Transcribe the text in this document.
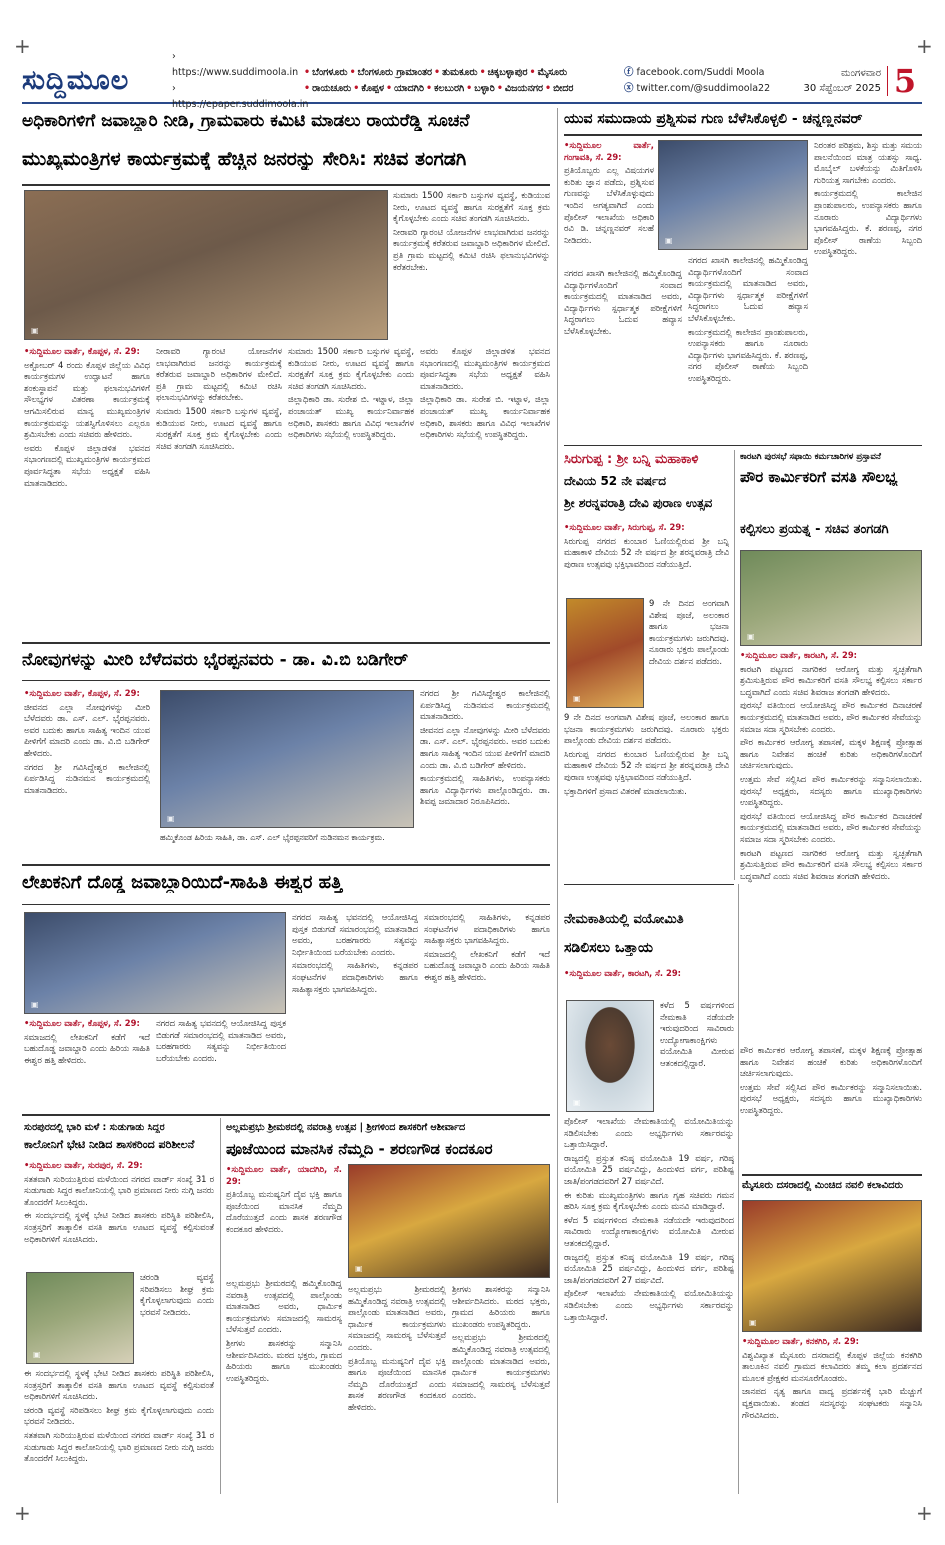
+	+
+	+
ಸುದ್ದಿಮೂಲ
› https://www.suddimoola.in
› https://epaper.suddimoola.in
• ಬೆಂಗಳೂರು • ಬೆಂಗಳೂರು ಗ್ರಾಮಾಂತರ • ತುಮಕೂರು • ಚಿಕ್ಕಬಳ್ಳಾಪುರ • ಮೈಸೂರು
• ರಾಯಚೂರು • ಕೊಪ್ಪಳ • ಯಾದಗಿರಿ • ಕಲಬುರಗಿ • ಬಳ್ಳಾರಿ • ವಿಜಯನಗರ • ಬೀದರ
ⓕ facebook.com/Suddi Moola
ⓧ twitter.com/@suddimoola22
ಮಂಗಳವಾರ
30 ಸೆಪ್ಟೆಂಬರ್ 2025 5
ಅಧಿಕಾರಿಗಳಿಗೆ ಜವಾಬ್ದಾರಿ ನೀಡಿ, ಗ್ರಾಮವಾರು ಕಮಿಟಿ ಮಾಡಲು ರಾಯರೆಡ್ಡಿ ಸೂಚನೆ
ಮುಖ್ಯಮಂತ್ರಿಗಳ ಕಾರ್ಯಕ್ರಮಕ್ಕೆ ಹೆಚ್ಚಿನ ಜನರನ್ನು ಸೇರಿಸಿ: ಸಚಿವ ತಂಗಡಗಿ
▣

ಸುಮಾರು 1500 ಸರ್ಕಾರಿ ಬಸ್ಸುಗಳ ವ್ಯವಸ್ಥೆ, ಕುಡಿಯುವ ನೀರು, ಊಟದ ವ್ಯವಸ್ಥೆ ಹಾಗೂ ಸುರಕ್ಷತೆಗೆ ಸೂಕ್ತ ಕ್ರಮ ಕೈಗೊಳ್ಳಬೇಕು ಎಂದು ಸಚಿವ ತಂಗಡಗಿ ಸೂಚಿಸಿದರು.

ನೀರಾವರಿ ಗ್ಯಾರಂಟಿ ಯೋಜನೆಗಳ ಲಾಭವಾಗಿರುವ ಜನರನ್ನು ಕಾರ್ಯಕ್ರಮಕ್ಕೆ ಕರೆತರುವ ಜವಾಬ್ದಾರಿ ಅಧಿಕಾರಿಗಳ ಮೇಲಿದೆ. ಪ್ರತಿ ಗ್ರಾಮ ಮಟ್ಟದಲ್ಲಿ ಕಮಿಟಿ ರಚಿಸಿ ಫಲಾನುಭವಿಗಳನ್ನು ಕರೆತರಬೇಕು.

•ಸುದ್ದಿಮೂಲ ವಾರ್ತೆ, ಕೊಪ್ಪಳ, ಸೆ. 29:

ಅಕ್ಟೋಬರ್ 4 ರಂದು ಕೊಪ್ಪಳ ಜಿಲ್ಲೆಯ ವಿವಿಧ ಕಾರ್ಯಕ್ರಮಗಳ ಉದ್ಘಾಟನೆ ಹಾಗೂ ಶಂಕುಸ್ಥಾಪನೆ ಮತ್ತು ಫಲಾನುಭವಿಗಳಿಗೆ ಸೌಲಭ್ಯಗಳ ವಿತರಣಾ ಕಾರ್ಯಕ್ರಮಕ್ಕೆ ಆಗಮಿಸಲಿರುವ ಮಾನ್ಯ ಮುಖ್ಯಮಂತ್ರಿಗಳ ಕಾರ್ಯಕ್ರಮವನ್ನು ಯಶಸ್ವಿಗೊಳಿಸಲು ಎಲ್ಲರೂ ಶ್ರಮಿಸಬೇಕು ಎಂದು ಸಚಿವರು ಹೇಳಿದರು.

ಅವರು ಕೊಪ್ಪಳ ಜಿಲ್ಲಾಡಳಿತ ಭವನದ ಸಭಾಂಗಣದಲ್ಲಿ ಮುಖ್ಯಮಂತ್ರಿಗಳ ಕಾರ್ಯಕ್ರಮದ ಪೂರ್ವಸಿದ್ಧತಾ ಸಭೆಯ ಅಧ್ಯಕ್ಷತೆ ವಹಿಸಿ ಮಾತನಾಡಿದರು.

ನೀರಾವರಿ ಗ್ಯಾರಂಟಿ ಯೋಜನೆಗಳ ಲಾಭವಾಗಿರುವ ಜನರನ್ನು ಕಾರ್ಯಕ್ರಮಕ್ಕೆ ಕರೆತರುವ ಜವಾಬ್ದಾರಿ ಅಧಿಕಾರಿಗಳ ಮೇಲಿದೆ. ಪ್ರತಿ ಗ್ರಾಮ ಮಟ್ಟದಲ್ಲಿ ಕಮಿಟಿ ರಚಿಸಿ ಫಲಾನುಭವಿಗಳನ್ನು ಕರೆತರಬೇಕು.

ಸುಮಾರು 1500 ಸರ್ಕಾರಿ ಬಸ್ಸುಗಳ ವ್ಯವಸ್ಥೆ, ಕುಡಿಯುವ ನೀರು, ಊಟದ ವ್ಯವಸ್ಥೆ ಹಾಗೂ ಸುರಕ್ಷತೆಗೆ ಸೂಕ್ತ ಕ್ರಮ ಕೈಗೊಳ್ಳಬೇಕು ಎಂದು ಸಚಿವ ತಂಗಡಗಿ ಸೂಚಿಸಿದರು.

ಸುಮಾರು 1500 ಸರ್ಕಾರಿ ಬಸ್ಸುಗಳ ವ್ಯವಸ್ಥೆ, ಕುಡಿಯುವ ನೀರು, ಊಟದ ವ್ಯವಸ್ಥೆ ಹಾಗೂ ಸುರಕ್ಷತೆಗೆ ಸೂಕ್ತ ಕ್ರಮ ಕೈಗೊಳ್ಳಬೇಕು ಎಂದು ಸಚಿವ ತಂಗಡಗಿ ಸೂಚಿಸಿದರು.

ಜಿಲ್ಲಾಧಿಕಾರಿ ಡಾ. ಸುರೇಶ ಬಿ. ಇಟ್ನಾಳ, ಜಿಲ್ಲಾ ಪಂಚಾಯತ್ ಮುಖ್ಯ ಕಾರ್ಯನಿರ್ವಾಹಕ ಅಧಿಕಾರಿ, ಶಾಸಕರು ಹಾಗೂ ವಿವಿಧ ಇಲಾಖೆಗಳ ಅಧಿಕಾರಿಗಳು ಸಭೆಯಲ್ಲಿ ಉಪಸ್ಥಿತರಿದ್ದರು.

ಅವರು ಕೊಪ್ಪಳ ಜಿಲ್ಲಾಡಳಿತ ಭವನದ ಸಭಾಂಗಣದಲ್ಲಿ ಮುಖ್ಯಮಂತ್ರಿಗಳ ಕಾರ್ಯಕ್ರಮದ ಪೂರ್ವಸಿದ್ಧತಾ ಸಭೆಯ ಅಧ್ಯಕ್ಷತೆ ವಹಿಸಿ ಮಾತನಾಡಿದರು.

ಜಿಲ್ಲಾಧಿಕಾರಿ ಡಾ. ಸುರೇಶ ಬಿ. ಇಟ್ನಾಳ, ಜಿಲ್ಲಾ ಪಂಚಾಯತ್ ಮುಖ್ಯ ಕಾರ್ಯನಿರ್ವಾಹಕ ಅಧಿಕಾರಿ, ಶಾಸಕರು ಹಾಗೂ ವಿವಿಧ ಇಲಾಖೆಗಳ ಅಧಿಕಾರಿಗಳು ಸಭೆಯಲ್ಲಿ ಉಪಸ್ಥಿತರಿದ್ದರು.

ಯುವ ಸಮುದಾಯ ಪ್ರಶ್ನಿಸುವ ಗುಣ ಬೆಳೆಸಿಕೊಳ್ಳಲಿ - ಚನ್ನಣ್ಣನವರ್

•ಸುದ್ದಿಮೂಲ ವಾರ್ತೆ, ಗಂಗಾವತಿ, ಸೆ. 29:

ಪ್ರತಿಯೊಬ್ಬರು ಎಲ್ಲ ವಿಷಯಗಳ ಕುರಿತು ಜ್ಞಾನ ಪಡೆದು, ಪ್ರಶ್ನಿಸುವ ಗುಣವನ್ನು ಬೆಳೆಸಿಕೊಳ್ಳುವುದು ಇಂದಿನ ಅಗತ್ಯವಾಗಿದೆ ಎಂದು ಪೊಲೀಸ್ ಇಲಾಖೆಯ ಅಧಿಕಾರಿ ರವಿ ಡಿ. ಚನ್ನಣ್ಣನವರ್ ಸಲಹೆ ನೀಡಿದರು.	▣

ನಿರಂತರ ಪರಿಶ್ರಮ, ಶಿಸ್ತು ಮತ್ತು ಸಮಯ ಪಾಲನೆಯಿಂದ ಮಾತ್ರ ಯಶಸ್ಸು ಸಾಧ್ಯ. ಮೊಬೈಲ್ ಬಳಕೆಯನ್ನು ಮಿತಿಗೊಳಿಸಿ ಗುರಿಯತ್ತ ಸಾಗಬೇಕು ಎಂದರು.

ಕಾರ್ಯಕ್ರಮದಲ್ಲಿ ಕಾಲೇಜಿನ ಪ್ರಾಂಶುಪಾಲರು, ಉಪನ್ಯಾಸಕರು ಹಾಗೂ ನೂರಾರು ವಿದ್ಯಾರ್ಥಿಗಳು ಭಾಗವಹಿಸಿದ್ದರು. ಕೆ. ಶರಣಪ್ಪ, ನಗರ ಪೊಲೀಸ್ ಠಾಣೆಯ ಸಿಬ್ಬಂದಿ ಉಪಸ್ಥಿತರಿದ್ದರು.

ನಗರದ ಖಾಸಗಿ ಕಾಲೇಜಿನಲ್ಲಿ ಹಮ್ಮಿಕೊಂಡಿದ್ದ ವಿದ್ಯಾರ್ಥಿಗಳೊಂದಿಗೆ ಸಂವಾದ ಕಾರ್ಯಕ್ರಮದಲ್ಲಿ ಮಾತನಾಡಿದ ಅವರು, ವಿದ್ಯಾರ್ಥಿಗಳು ಸ್ಪರ್ಧಾತ್ಮಕ ಪರೀಕ್ಷೆಗಳಿಗೆ ಸಿದ್ಧರಾಗಲು ಓದುವ ಹವ್ಯಾಸ ಬೆಳೆಸಿಕೊಳ್ಳಬೇಕು.

ನಗರದ ಖಾಸಗಿ ಕಾಲೇಜಿನಲ್ಲಿ ಹಮ್ಮಿಕೊಂಡಿದ್ದ ವಿದ್ಯಾರ್ಥಿಗಳೊಂದಿಗೆ ಸಂವಾದ ಕಾರ್ಯಕ್ರಮದಲ್ಲಿ ಮಾತನಾಡಿದ ಅವರು, ವಿದ್ಯಾರ್ಥಿಗಳು ಸ್ಪರ್ಧಾತ್ಮಕ ಪರೀಕ್ಷೆಗಳಿಗೆ ಸಿದ್ಧರಾಗಲು ಓದುವ ಹವ್ಯಾಸ ಬೆಳೆಸಿಕೊಳ್ಳಬೇಕು.

ಕಾರ್ಯಕ್ರಮದಲ್ಲಿ ಕಾಲೇಜಿನ ಪ್ರಾಂಶುಪಾಲರು, ಉಪನ್ಯಾಸಕರು ಹಾಗೂ ನೂರಾರು ವಿದ್ಯಾರ್ಥಿಗಳು ಭಾಗವಹಿಸಿದ್ದರು. ಕೆ. ಶರಣಪ್ಪ, ನಗರ ಪೊಲೀಸ್ ಠಾಣೆಯ ಸಿಬ್ಬಂದಿ ಉಪಸ್ಥಿತರಿದ್ದರು.

ಸಿರುಗುಪ್ಪ : ಶ್ರೀ ಬನ್ನಿ ಮಹಾಕಾಳಿ
ದೇವಿಯ 52 ನೇ ವರ್ಷದ
ಶ್ರೀ ಶರನ್ನವರಾತ್ರಿ ದೇವಿ ಪುರಾಣ ಉತ್ಸವ

•ಸುದ್ದಿಮೂಲ ವಾರ್ತೆ, ಸಿರುಗುಪ್ಪ, ಸೆ. 29:

ಸಿರುಗುಪ್ಪ ನಗರದ ಕುಂಬಾರ ಓಣಿಯಲ್ಲಿರುವ ಶ್ರೀ ಬನ್ನಿ ಮಹಾಕಾಳಿ ದೇವಿಯ 52 ನೇ ವರ್ಷದ ಶ್ರೀ ಶರನ್ನವರಾತ್ರಿ ದೇವಿ ಪುರಾಣ ಉತ್ಸವವು ಭಕ್ತಿಭಾವದಿಂದ ನಡೆಯುತ್ತಿದೆ.

▣

9 ನೇ ದಿನದ ಅಂಗವಾಗಿ ವಿಶೇಷ ಪೂಜೆ, ಅಲಂಕಾರ ಹಾಗೂ ಭಜನಾ ಕಾರ್ಯಕ್ರಮಗಳು ಜರುಗಿದವು. ನೂರಾರು ಭಕ್ತರು ಪಾಲ್ಗೊಂಡು ದೇವಿಯ ದರ್ಶನ ಪಡೆದರು.

9 ನೇ ದಿನದ ಅಂಗವಾಗಿ ವಿಶೇಷ ಪೂಜೆ, ಅಲಂಕಾರ ಹಾಗೂ ಭಜನಾ ಕಾರ್ಯಕ್ರಮಗಳು ಜರುಗಿದವು. ನೂರಾರು ಭಕ್ತರು ಪಾಲ್ಗೊಂಡು ದೇವಿಯ ದರ್ಶನ ಪಡೆದರು.

ಸಿರುಗುಪ್ಪ ನಗರದ ಕುಂಬಾರ ಓಣಿಯಲ್ಲಿರುವ ಶ್ರೀ ಬನ್ನಿ ಮಹಾಕಾಳಿ ದೇವಿಯ 52 ನೇ ವರ್ಷದ ಶ್ರೀ ಶರನ್ನವರಾತ್ರಿ ದೇವಿ ಪುರಾಣ ಉತ್ಸವವು ಭಕ್ತಿಭಾವದಿಂದ ನಡೆಯುತ್ತಿದೆ.

ಭಕ್ತಾದಿಗಳಿಗೆ ಪ್ರಸಾದ ವಿತರಣೆ ಮಾಡಲಾಯಿತು.

ಕಾರಟಗಿ ಪುರಸಭೆ ಸಫಾಯಿ ಕರ್ಮಚಾರಿಗಳ ಪ್ರಸ್ತಾವನೆ
ಪೌರ ಕಾರ್ಮಿಕರಿಗೆ ವಸತಿ ಸೌಲಭ್ಯ
ಕಲ್ಪಿಸಲು ಪ್ರಯತ್ನ - ಸಚಿವ ತಂಗಡಗಿ
▣

•ಸುದ್ದಿಮೂಲ ವಾರ್ತೆ, ಕಾರಟಗಿ, ಸೆ. 29:

ಕಾರಟಗಿ ಪಟ್ಟಣದ ನಾಗರಿಕರ ಆರೋಗ್ಯ ಮತ್ತು ಸ್ವಚ್ಛತೆಗಾಗಿ ಶ್ರಮಿಸುತ್ತಿರುವ ಪೌರ ಕಾರ್ಮಿಕರಿಗೆ ವಸತಿ ಸೌಲಭ್ಯ ಕಲ್ಪಿಸಲು ಸರ್ಕಾರ ಬದ್ಧವಾಗಿದೆ ಎಂದು ಸಚಿವ ಶಿವರಾಜ ತಂಗಡಗಿ ಹೇಳಿದರು.

ಪುರಸಭೆ ವತಿಯಿಂದ ಆಯೋಜಿಸಿದ್ದ ಪೌರ ಕಾರ್ಮಿಕರ ದಿನಾಚರಣೆ ಕಾರ್ಯಕ್ರಮದಲ್ಲಿ ಮಾತನಾಡಿದ ಅವರು, ಪೌರ ಕಾರ್ಮಿಕರ ಸೇವೆಯನ್ನು ಸಮಾಜ ಸದಾ ಸ್ಮರಿಸಬೇಕು ಎಂದರು.

ಪೌರ ಕಾರ್ಮಿಕರ ಆರೋಗ್ಯ ತಪಾಸಣೆ, ಮಕ್ಕಳ ಶಿಕ್ಷಣಕ್ಕೆ ಪ್ರೋತ್ಸಾಹ ಹಾಗೂ ನಿವೇಶನ ಹಂಚಿಕೆ ಕುರಿತು ಅಧಿಕಾರಿಗಳೊಂದಿಗೆ ಚರ್ಚಿಸಲಾಗುವುದು.

ಉತ್ತಮ ಸೇವೆ ಸಲ್ಲಿಸಿದ ಪೌರ ಕಾರ್ಮಿಕರನ್ನು ಸನ್ಮಾನಿಸಲಾಯಿತು. ಪುರಸಭೆ ಅಧ್ಯಕ್ಷರು, ಸದಸ್ಯರು ಹಾಗೂ ಮುಖ್ಯಾಧಿಕಾರಿಗಳು ಉಪಸ್ಥಿತರಿದ್ದರು.

ಪುರಸಭೆ ವತಿಯಿಂದ ಆಯೋಜಿಸಿದ್ದ ಪೌರ ಕಾರ್ಮಿಕರ ದಿನಾಚರಣೆ ಕಾರ್ಯಕ್ರಮದಲ್ಲಿ ಮಾತನಾಡಿದ ಅವರು, ಪೌರ ಕಾರ್ಮಿಕರ ಸೇವೆಯನ್ನು ಸಮಾಜ ಸದಾ ಸ್ಮರಿಸಬೇಕು ಎಂದರು.

ಕಾರಟಗಿ ಪಟ್ಟಣದ ನಾಗರಿಕರ ಆರೋಗ್ಯ ಮತ್ತು ಸ್ವಚ್ಛತೆಗಾಗಿ ಶ್ರಮಿಸುತ್ತಿರುವ ಪೌರ ಕಾರ್ಮಿಕರಿಗೆ ವಸತಿ ಸೌಲಭ್ಯ ಕಲ್ಪಿಸಲು ಸರ್ಕಾರ ಬದ್ಧವಾಗಿದೆ ಎಂದು ಸಚಿವ ಶಿವರಾಜ ತಂಗಡಗಿ ಹೇಳಿದರು.

ಪೌರ ಕಾರ್ಮಿಕರ ಆರೋಗ್ಯ ತಪಾಸಣೆ, ಮಕ್ಕಳ ಶಿಕ್ಷಣಕ್ಕೆ ಪ್ರೋತ್ಸಾಹ ಹಾಗೂ ನಿವೇಶನ ಹಂಚಿಕೆ ಕುರಿತು ಅಧಿಕಾರಿಗಳೊಂದಿಗೆ ಚರ್ಚಿಸಲಾಗುವುದು.

ಉತ್ತಮ ಸೇವೆ ಸಲ್ಲಿಸಿದ ಪೌರ ಕಾರ್ಮಿಕರನ್ನು ಸನ್ಮಾನಿಸಲಾಯಿತು. ಪುರಸಭೆ ಅಧ್ಯಕ್ಷರು, ಸದಸ್ಯರು ಹಾಗೂ ಮುಖ್ಯಾಧಿಕಾರಿಗಳು ಉಪಸ್ಥಿತರಿದ್ದರು.

ನೋವುಗಳನ್ನು ಮೀರಿ ಬೆಳೆದವರು ಭೈರಪ್ಪನವರು - ಡಾ. ವಿ.ಬಿ ಬಡಿಗೇರ್

•ಸುದ್ದಿಮೂಲ ವಾರ್ತೆ, ಕೊಪ್ಪಳ, ಸೆ. 29:

ಜೀವನದ ಎಲ್ಲಾ ನೋವುಗಳನ್ನು ಮೀರಿ ಬೆಳೆದವರು ಡಾ. ಎಸ್. ಎಲ್. ಭೈರಪ್ಪನವರು. ಅವರ ಬದುಕು ಹಾಗೂ ಸಾಹಿತ್ಯ ಇಂದಿನ ಯುವ ಪೀಳಿಗೆಗೆ ಮಾದರಿ ಎಂದು ಡಾ. ವಿ.ಬಿ ಬಡಿಗೇರ್ ಹೇಳಿದರು.

ನಗರದ ಶ್ರೀ ಗವಿಸಿದ್ದೇಶ್ವರ ಕಾಲೇಜಿನಲ್ಲಿ ಏರ್ಪಡಿಸಿದ್ದ ನುಡಿನಮನ ಕಾರ್ಯಕ್ರಮದಲ್ಲಿ ಮಾತನಾಡಿದರು.

▣
ಹಮ್ಮಿಕೊಂಡ ಹಿರಿಯ ಸಾಹಿತಿ, ಡಾ. ಎಸ್. ಎಲ್ ಭೈರಪ್ಪನವರಿಗೆ ನುಡಿನಮನ ಕಾರ್ಯಕ್ರಮ.

ನಗರದ ಶ್ರೀ ಗವಿಸಿದ್ದೇಶ್ವರ ಕಾಲೇಜಿನಲ್ಲಿ ಏರ್ಪಡಿಸಿದ್ದ ನುಡಿನಮನ ಕಾರ್ಯಕ್ರಮದಲ್ಲಿ ಮಾತನಾಡಿದರು.

ಜೀವನದ ಎಲ್ಲಾ ನೋವುಗಳನ್ನು ಮೀರಿ ಬೆಳೆದವರು ಡಾ. ಎಸ್. ಎಲ್. ಭೈರಪ್ಪನವರು. ಅವರ ಬದುಕು ಹಾಗೂ ಸಾಹಿತ್ಯ ಇಂದಿನ ಯುವ ಪೀಳಿಗೆಗೆ ಮಾದರಿ ಎಂದು ಡಾ. ವಿ.ಬಿ ಬಡಿಗೇರ್ ಹೇಳಿದರು.

ಕಾರ್ಯಕ್ರಮದಲ್ಲಿ ಸಾಹಿತಿಗಳು, ಉಪನ್ಯಾಸಕರು ಹಾಗೂ ವಿದ್ಯಾರ್ಥಿಗಳು ಪಾಲ್ಗೊಂಡಿದ್ದರು. ಡಾ. ಶಿವಪ್ಪ ಜಮಾದಾರ ನಿರೂಪಿಸಿದರು.

ಲೇಖಕನಿಗೆ ದೊಡ್ಡ ಜವಾಬ್ದಾರಿಯಿದೆ-ಸಾಹಿತಿ ಈಶ್ವರ ಹತ್ತಿ
▣

•ಸುದ್ದಿಮೂಲ ವಾರ್ತೆ, ಕೊಪ್ಪಳ, ಸೆ. 29:

ಸಮಾಜದಲ್ಲಿ ಲೇಖಕನಿಗೆ ಕಡೆಗೆ ಇದೆ ಬಹುದೊಡ್ಡ ಜವಾಬ್ದಾರಿ ಎಂದು ಹಿರಿಯ ಸಾಹಿತಿ ಈಶ್ವರ ಹತ್ತಿ ಹೇಳಿದರು.

ನಗರದ ಸಾಹಿತ್ಯ ಭವನದಲ್ಲಿ ಆಯೋಜಿಸಿದ್ದ ಪುಸ್ತಕ ಬಿಡುಗಡೆ ಸಮಾರಂಭದಲ್ಲಿ ಮಾತನಾಡಿದ ಅವರು, ಬರಹಗಾರರು ಸತ್ಯವನ್ನು ನಿರ್ಭೀತಿಯಿಂದ ಬರೆಯಬೇಕು ಎಂದರು.

ನಗರದ ಸಾಹಿತ್ಯ ಭವನದಲ್ಲಿ ಆಯೋಜಿಸಿದ್ದ ಪುಸ್ತಕ ಬಿಡುಗಡೆ ಸಮಾರಂಭದಲ್ಲಿ ಮಾತನಾಡಿದ ಅವರು, ಬರಹಗಾರರು ಸತ್ಯವನ್ನು ನಿರ್ಭೀತಿಯಿಂದ ಬರೆಯಬೇಕು ಎಂದರು.

ಸಮಾರಂಭದಲ್ಲಿ ಸಾಹಿತಿಗಳು, ಕನ್ನಡಪರ ಸಂಘಟನೆಗಳ ಪದಾಧಿಕಾರಿಗಳು ಹಾಗೂ ಸಾಹಿತ್ಯಾಸಕ್ತರು ಭಾಗವಹಿಸಿದ್ದರು.

ಸಮಾರಂಭದಲ್ಲಿ ಸಾಹಿತಿಗಳು, ಕನ್ನಡಪರ ಸಂಘಟನೆಗಳ ಪದಾಧಿಕಾರಿಗಳು ಹಾಗೂ ಸಾಹಿತ್ಯಾಸಕ್ತರು ಭಾಗವಹಿಸಿದ್ದರು.

ಸಮಾಜದಲ್ಲಿ ಲೇಖಕನಿಗೆ ಕಡೆಗೆ ಇದೆ ಬಹುದೊಡ್ಡ ಜವಾಬ್ದಾರಿ ಎಂದು ಹಿರಿಯ ಸಾಹಿತಿ ಈಶ್ವರ ಹತ್ತಿ ಹೇಳಿದರು.

ನೇಮಕಾತಿಯಲ್ಲಿ ವಯೋಮಿತಿ
ಸಡಿಲಿಸಲು ಒತ್ತಾಯ

•ಸುದ್ದಿಮೂಲ ವಾರ್ತೆ, ಕಾರಟಗಿ, ಸೆ. 29:

▣

ಕಳೆದ 5 ವರ್ಷಗಳಿಂದ ನೇಮಕಾತಿ ನಡೆಯದೇ ಇರುವುದರಿಂದ ಸಾವಿರಾರು ಉದ್ಯೋಗಾಕಾಂಕ್ಷಿಗಳು ವಯೋಮಿತಿ ಮೀರುವ ಆತಂಕದಲ್ಲಿದ್ದಾರೆ.

ಪೊಲೀಸ್ ಇಲಾಖೆಯ ನೇಮಕಾತಿಯಲ್ಲಿ ವಯೋಮಿತಿಯನ್ನು ಸಡಿಲಿಸಬೇಕು ಎಂದು ಅಭ್ಯರ್ಥಿಗಳು ಸರ್ಕಾರವನ್ನು ಒತ್ತಾಯಿಸಿದ್ದಾರೆ.

ರಾಜ್ಯದಲ್ಲಿ ಪ್ರಸ್ತುತ ಕನಿಷ್ಠ ವಯೋಮಿತಿ 19 ವರ್ಷ, ಗರಿಷ್ಠ ವಯೋಮಿತಿ 25 ವರ್ಷವಿದ್ದು, ಹಿಂದುಳಿದ ವರ್ಗ, ಪರಿಶಿಷ್ಟ ಜಾತಿ/ಪಂಗಡದವರಿಗೆ 27 ವರ್ಷವಿದೆ.

ಈ ಕುರಿತು ಮುಖ್ಯಮಂತ್ರಿಗಳು ಹಾಗೂ ಗೃಹ ಸಚಿವರು ಗಮನ ಹರಿಸಿ ಸೂಕ್ತ ಕ್ರಮ ಕೈಗೊಳ್ಳಬೇಕು ಎಂದು ಮನವಿ ಮಾಡಿದ್ದಾರೆ.

ಕಳೆದ 5 ವರ್ಷಗಳಿಂದ ನೇಮಕಾತಿ ನಡೆಯದೇ ಇರುವುದರಿಂದ ಸಾವಿರಾರು ಉದ್ಯೋಗಾಕಾಂಕ್ಷಿಗಳು ವಯೋಮಿತಿ ಮೀರುವ ಆತಂಕದಲ್ಲಿದ್ದಾರೆ.

ರಾಜ್ಯದಲ್ಲಿ ಪ್ರಸ್ತುತ ಕನಿಷ್ಠ ವಯೋಮಿತಿ 19 ವರ್ಷ, ಗರಿಷ್ಠ ವಯೋಮಿತಿ 25 ವರ್ಷವಿದ್ದು, ಹಿಂದುಳಿದ ವರ್ಗ, ಪರಿಶಿಷ್ಟ ಜಾತಿ/ಪಂಗಡದವರಿಗೆ 27 ವರ್ಷವಿದೆ.

ಪೊಲೀಸ್ ಇಲಾಖೆಯ ನೇಮಕಾತಿಯಲ್ಲಿ ವಯೋಮಿತಿಯನ್ನು ಸಡಿಲಿಸಬೇಕು ಎಂದು ಅಭ್ಯರ್ಥಿಗಳು ಸರ್ಕಾರವನ್ನು ಒತ್ತಾಯಿಸಿದ್ದಾರೆ.

ಸುರಪುರದಲ್ಲಿ ಭಾರಿ ಮಳೆ : ಸುಡುಗಾಡು ಸಿದ್ದರ
ಕಾಲೋನಿಗೆ ಭೇಟಿ ನೀಡಿದ ಶಾಸಕರಿಂದ ಪರಿಶೀಲನೆ

•ಸುದ್ದಿಮೂಲ ವಾರ್ತೆ, ಸುರಪುರ, ಸೆ. 29:

ಸತತವಾಗಿ ಸುರಿಯುತ್ತಿರುವ ಮಳೆಯಿಂದ ನಗರದ ವಾರ್ಡ್ ಸಂಖ್ಯೆ 31 ರ ಸುಡುಗಾಡು ಸಿದ್ದರ ಕಾಲೋನಿಯಲ್ಲಿ ಭಾರಿ ಪ್ರಮಾಣದ ನೀರು ನುಗ್ಗಿ ಜನರು ತೊಂದರೆಗೆ ಸಿಲುಕಿದ್ದರು.

ಈ ಸಂದರ್ಭದಲ್ಲಿ ಸ್ಥಳಕ್ಕೆ ಭೇಟಿ ನೀಡಿದ ಶಾಸಕರು ಪರಿಸ್ಥಿತಿ ಪರಿಶೀಲಿಸಿ, ಸಂತ್ರಸ್ತರಿಗೆ ತಾತ್ಕಾಲಿಕ ವಸತಿ ಹಾಗೂ ಊಟದ ವ್ಯವಸ್ಥೆ ಕಲ್ಪಿಸುವಂತೆ ಅಧಿಕಾರಿಗಳಿಗೆ ಸೂಚಿಸಿದರು.

▣

ಚರಂಡಿ ವ್ಯವಸ್ಥೆ ಸರಿಪಡಿಸಲು ಶೀಘ್ರ ಕ್ರಮ ಕೈಗೊಳ್ಳಲಾಗುವುದು ಎಂದು ಭರವಸೆ ನೀಡಿದರು.

ಈ ಸಂದರ್ಭದಲ್ಲಿ ಸ್ಥಳಕ್ಕೆ ಭೇಟಿ ನೀಡಿದ ಶಾಸಕರು ಪರಿಸ್ಥಿತಿ ಪರಿಶೀಲಿಸಿ, ಸಂತ್ರಸ್ತರಿಗೆ ತಾತ್ಕಾಲಿಕ ವಸತಿ ಹಾಗೂ ಊಟದ ವ್ಯವಸ್ಥೆ ಕಲ್ಪಿಸುವಂತೆ ಅಧಿಕಾರಿಗಳಿಗೆ ಸೂಚಿಸಿದರು.

ಚರಂಡಿ ವ್ಯವಸ್ಥೆ ಸರಿಪಡಿಸಲು ಶೀಘ್ರ ಕ್ರಮ ಕೈಗೊಳ್ಳಲಾಗುವುದು ಎಂದು ಭರವಸೆ ನೀಡಿದರು.

ಸತತವಾಗಿ ಸುರಿಯುತ್ತಿರುವ ಮಳೆಯಿಂದ ನಗರದ ವಾರ್ಡ್ ಸಂಖ್ಯೆ 31 ರ ಸುಡುಗಾಡು ಸಿದ್ದರ ಕಾಲೋನಿಯಲ್ಲಿ ಭಾರಿ ಪ್ರಮಾಣದ ನೀರು ನುಗ್ಗಿ ಜನರು ತೊಂದರೆಗೆ ಸಿಲುಕಿದ್ದರು.

ಅಲ್ಲಮಪ್ರಭು ಶ್ರೀಮಠದಲ್ಲಿ ನವರಾತ್ರಿ ಉತ್ಸವ | ಶ್ರೀಗಳಿಂದ ಶಾಸಕರಿಗೆ ಆಶೀರ್ವಾದ
ಪೂಜೆಯಿಂದ ಮಾನಸಿಕ ನೆಮ್ಮದಿ - ಶರಣಗೌಡ ಕಂದಕೂರ

•ಸುದ್ದಿಮೂಲ ವಾರ್ತೆ, ಯಾದಗಿರಿ, ಸೆ. 29:

ಪ್ರತಿಯೊಬ್ಬ ಮನುಷ್ಯನಿಗೆ ದೈವ ಭಕ್ತಿ ಹಾಗೂ ಪೂಜೆಯಿಂದ ಮಾನಸಿಕ ನೆಮ್ಮದಿ ದೊರೆಯುತ್ತದೆ ಎಂದು ಶಾಸಕ ಶರಣಗೌಡ ಕಂದಕೂರ ಹೇಳಿದರು.

▣

ಅಲ್ಲಮಪ್ರಭು ಶ್ರೀಮಠದಲ್ಲಿ ಹಮ್ಮಿಕೊಂಡಿದ್ದ ನವರಾತ್ರಿ ಉತ್ಸವದಲ್ಲಿ ಪಾಲ್ಗೊಂಡು ಮಾತನಾಡಿದ ಅವರು, ಧಾರ್ಮಿಕ ಕಾರ್ಯಕ್ರಮಗಳು ಸಮಾಜದಲ್ಲಿ ಸಾಮರಸ್ಯ ಬೆಳೆಸುತ್ತವೆ ಎಂದರು.

ಶ್ರೀಗಳು ಶಾಸಕರನ್ನು ಸನ್ಮಾನಿಸಿ ಆಶೀರ್ವದಿಸಿದರು. ಮಠದ ಭಕ್ತರು, ಗ್ರಾಮದ ಹಿರಿಯರು ಹಾಗೂ ಮುಖಂಡರು ಉಪಸ್ಥಿತರಿದ್ದರು.

ಅಲ್ಲಮಪ್ರಭು ಶ್ರೀಮಠದಲ್ಲಿ ಹಮ್ಮಿಕೊಂಡಿದ್ದ ನವರಾತ್ರಿ ಉತ್ಸವದಲ್ಲಿ ಪಾಲ್ಗೊಂಡು ಮಾತನಾಡಿದ ಅವರು, ಧಾರ್ಮಿಕ ಕಾರ್ಯಕ್ರಮಗಳು ಸಮಾಜದಲ್ಲಿ ಸಾಮರಸ್ಯ ಬೆಳೆಸುತ್ತವೆ ಎಂದರು.

ಪ್ರತಿಯೊಬ್ಬ ಮನುಷ್ಯನಿಗೆ ದೈವ ಭಕ್ತಿ ಹಾಗೂ ಪೂಜೆಯಿಂದ ಮಾನಸಿಕ ನೆಮ್ಮದಿ ದೊರೆಯುತ್ತದೆ ಎಂದು ಶಾಸಕ ಶರಣಗೌಡ ಕಂದಕೂರ ಹೇಳಿದರು.

ಶ್ರೀಗಳು ಶಾಸಕರನ್ನು ಸನ್ಮಾನಿಸಿ ಆಶೀರ್ವದಿಸಿದರು. ಮಠದ ಭಕ್ತರು, ಗ್ರಾಮದ ಹಿರಿಯರು ಹಾಗೂ ಮುಖಂಡರು ಉಪಸ್ಥಿತರಿದ್ದರು.

ಅಲ್ಲಮಪ್ರಭು ಶ್ರೀಮಠದಲ್ಲಿ ಹಮ್ಮಿಕೊಂಡಿದ್ದ ನವರಾತ್ರಿ ಉತ್ಸವದಲ್ಲಿ ಪಾಲ್ಗೊಂಡು ಮಾತನಾಡಿದ ಅವರು, ಧಾರ್ಮಿಕ ಕಾರ್ಯಕ್ರಮಗಳು ಸಮಾಜದಲ್ಲಿ ಸಾಮರಸ್ಯ ಬೆಳೆಸುತ್ತವೆ ಎಂದರು.

ಮೈಸೂರು ದಸರಾದಲ್ಲಿ ಮಿಂಚಿದ ನವಲಿ ಕಲಾವಿದರು
▣

•ಸುದ್ದಿಮೂಲ ವಾರ್ತೆ, ಕನಕಗಿರಿ, ಸೆ. 29:

ವಿಶ್ವವಿಖ್ಯಾತ ಮೈಸೂರು ದಸರಾದಲ್ಲಿ ಕೊಪ್ಪಳ ಜಿಲ್ಲೆಯ ಕನಕಗಿರಿ ತಾಲೂಕಿನ ನವಲಿ ಗ್ರಾಮದ ಕಲಾವಿದರು ತಮ್ಮ ಕಲಾ ಪ್ರದರ್ಶನದ ಮೂಲಕ ಪ್ರೇಕ್ಷಕರ ಮನಸೂರೆಗೊಂಡರು.

ಜಾನಪದ ನೃತ್ಯ ಹಾಗೂ ವಾದ್ಯ ಪ್ರದರ್ಶನಕ್ಕೆ ಭಾರಿ ಮೆಚ್ಚುಗೆ ವ್ಯಕ್ತವಾಯಿತು. ತಂಡದ ಸದಸ್ಯರನ್ನು ಸಂಘಟಕರು ಸನ್ಮಾನಿಸಿ ಗೌರವಿಸಿದರು.
